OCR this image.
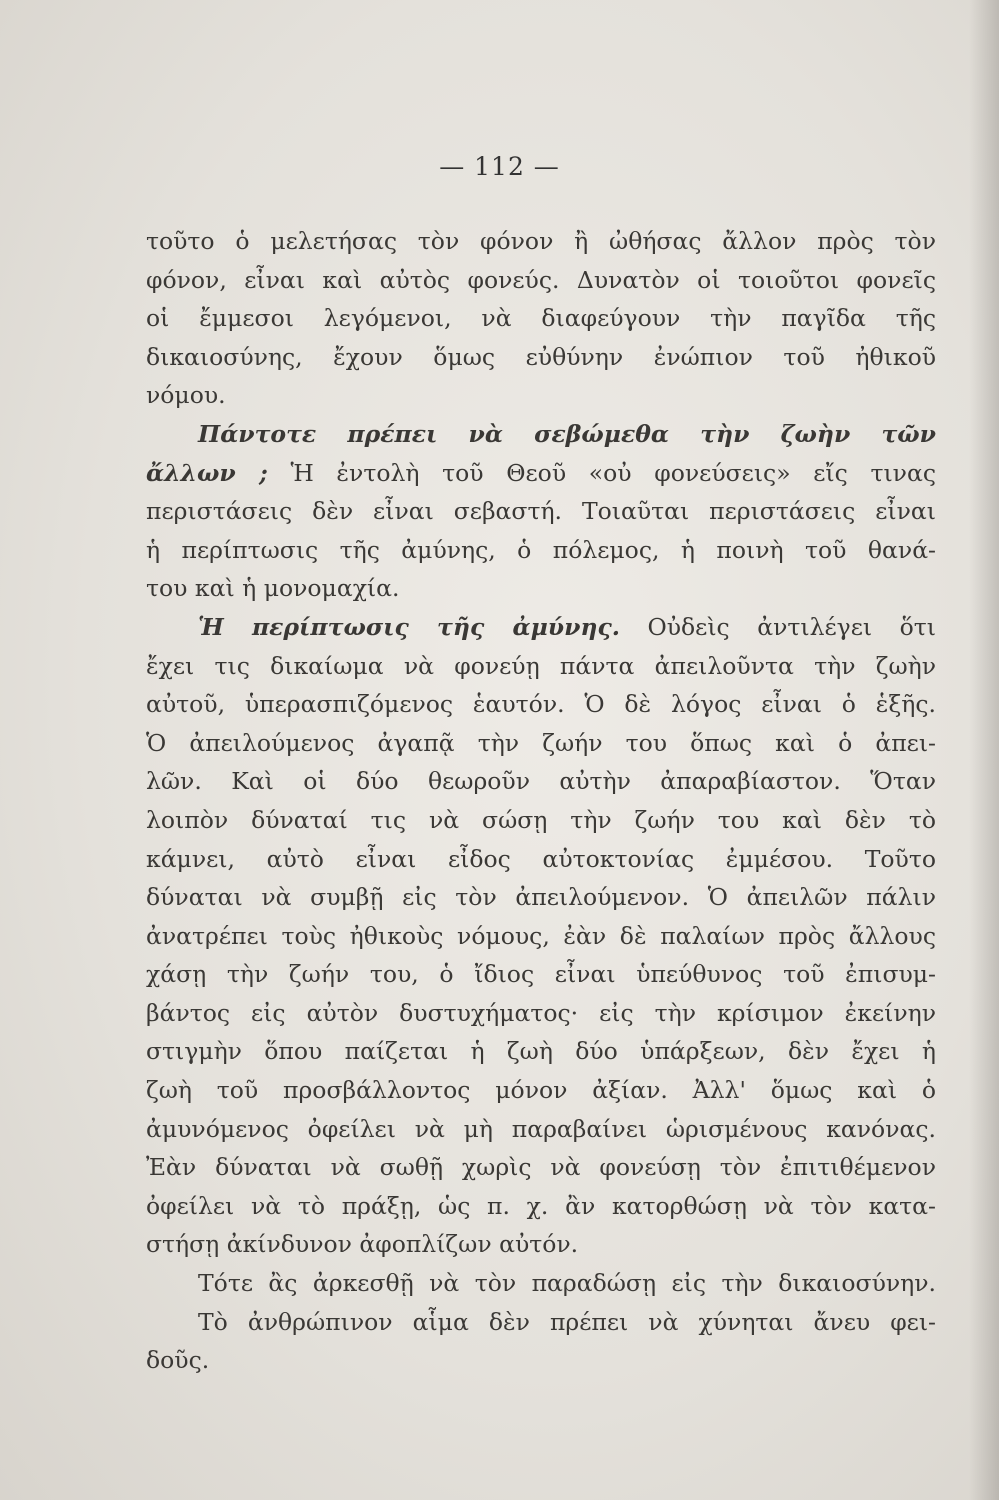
— 112 —
τοῦτο ὁ μελετήσας τὸν φόνον ἢ ὠθήσας ἄλλον πρὸς τὸν
φόνον, εἶναι καὶ αὐτὸς φονεύς. Δυνατὸν οἱ τοιοῦτοι φονεῖς
οἱ ἔμμεσοι λεγόμενοι, νὰ διαφεύγουν τὴν παγῖδα τῆς
δικαιοσύνης, ἔχουν ὅμως εὐθύνην ἐνώπιον τοῦ ἠθικοῦ
νόμου.
Πάντοτε πρέπει νὰ σεβώμεθα τὴν ζωὴν τῶν
ἄλλων ; Ἡ ἐντολὴ τοῦ Θεοῦ «οὐ φονεύσεις» εἴς τινας
περιστάσεις δὲν εἶναι σεβαστή. Τοιαῦται περιστάσεις εἶναι
ἡ περίπτωσις τῆς ἀμύνης, ὁ πόλεμος, ἡ ποινὴ τοῦ θανά-
του καὶ ἡ μονομαχία.
Ἡ περίπτωσις τῆς ἀμύνης. Οὐδεὶς ἀντιλέγει ὅτι
ἔχει τις δικαίωμα νὰ φονεύῃ πάντα ἀπειλοῦντα τὴν ζωὴν
αὐτοῦ, ὑπερασπιζόμενος ἑαυτόν. Ὁ δὲ λόγος εἶναι ὁ ἑξῆς.
Ὁ ἀπειλούμενος ἀγαπᾷ τὴν ζωήν του ὅπως καὶ ὁ ἀπει-
λῶν. Καὶ οἱ δύο θεωροῦν αὐτὴν ἀπαραβίαστον. Ὅταν
λοιπὸν δύναταί τις νὰ σώσῃ τὴν ζωήν του καὶ δὲν τὸ
κάμνει, αὐτὸ εἶναι εἶδος αὐτοκτονίας ἐμμέσου. Τοῦτο
δύναται νὰ συμβῇ εἰς τὸν ἀπειλούμενον. Ὁ ἀπειλῶν πάλιν
ἀνατρέπει τοὺς ἠθικοὺς νόμους, ἐὰν δὲ παλαίων πρὸς ἄλλους
χάσῃ τὴν ζωήν του, ὁ ἴδιος εἶναι ὑπεύθυνος τοῦ ἐπισυμ-
βάντος εἰς αὐτὸν δυστυχήματος· εἰς τὴν κρίσιμον ἐκείνην
στιγμὴν ὅπου παίζεται ἡ ζωὴ δύο ὑπάρξεων, δὲν ἔχει ἡ
ζωὴ τοῦ προσβάλλοντος μόνον ἀξίαν. Ἀλλ' ὅμως καὶ ὁ
ἀμυνόμενος ὀφείλει νὰ μὴ παραβαίνει ὡρισμένους κανόνας.
Ἐὰν δύναται νὰ σωθῇ χωρὶς νὰ φονεύσῃ τὸν ἐπιτιθέμενον
ὀφείλει νὰ τὸ πράξῃ, ὡς π. χ. ἂν κατορθώσῃ νὰ τὸν κατα-
στήσῃ ἀκίνδυνον ἀφοπλίζων αὐτόν.
Τότε ἂς ἀρκεσθῇ νὰ τὸν παραδώσῃ εἰς τὴν δικαιοσύνην.
Τὸ ἀνθρώπινον αἷμα δὲν πρέπει νὰ χύνηται ἄνευ φει-
δοῦς.
